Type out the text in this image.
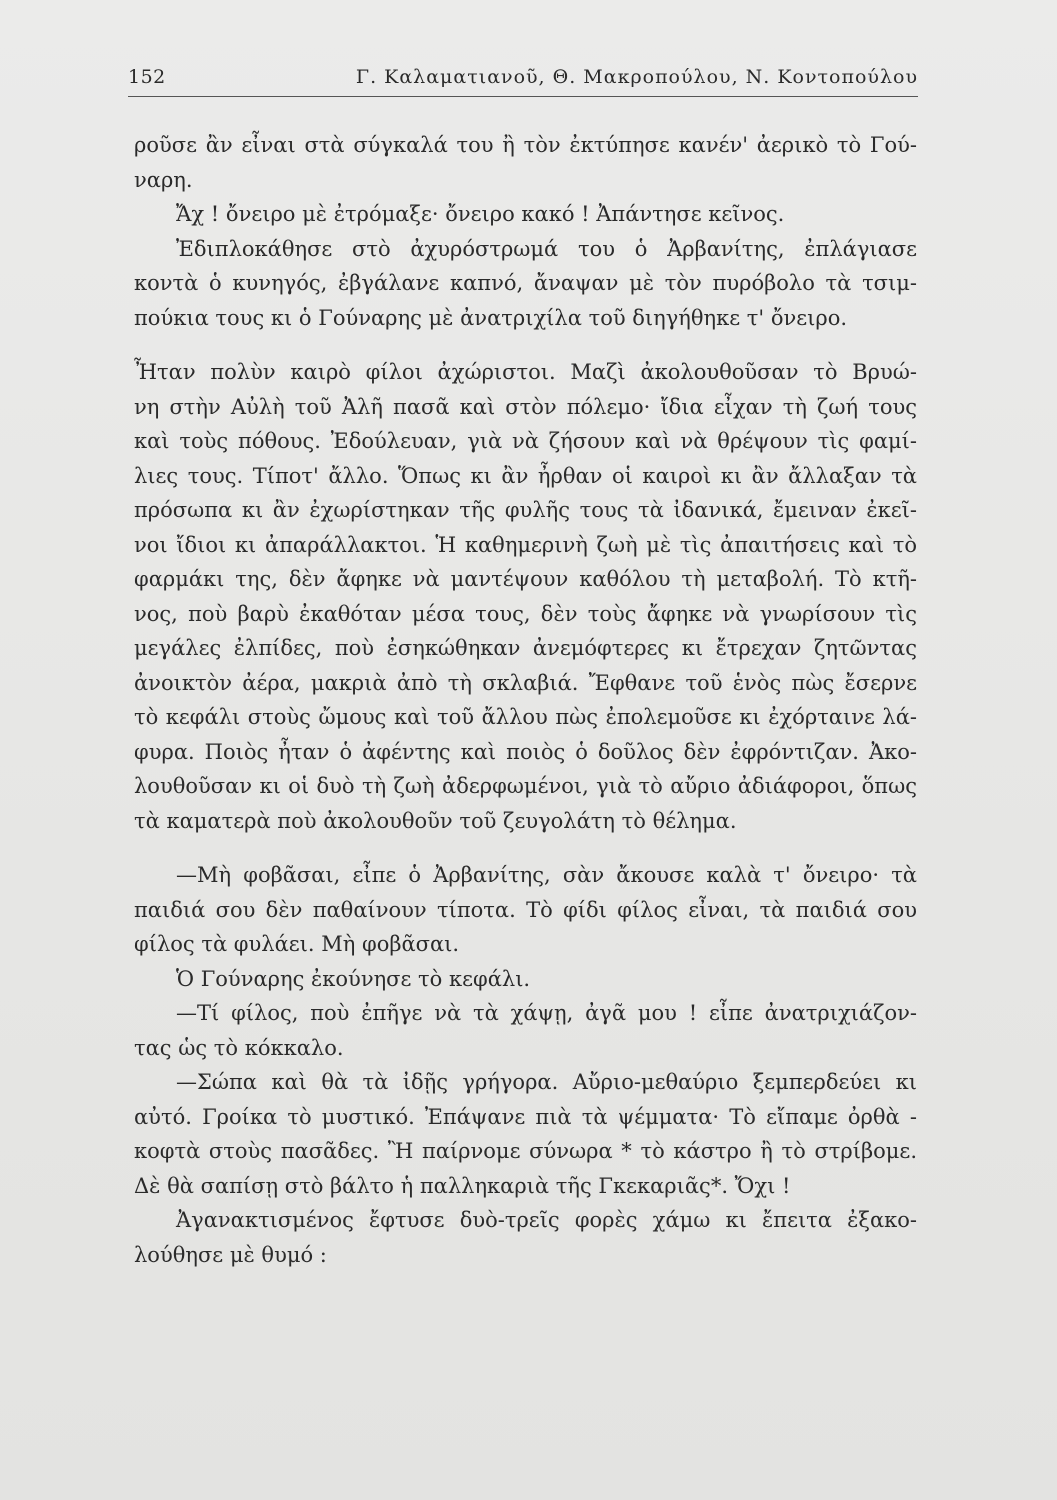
152	Γ. Καλαματιανοῦ, Θ. Μακροπούλου, Ν. Κοντοπούλου
ροῦσε ἂν εἶναι στὰ σύγκαλά του ἢ τὸν ἐκτύπησε κανέν' ἀερικὸ τὸ Γού-
ναρη.
Ἄχ ! ὄνειρο μὲ ἐτρόμαξε· ὄνειρο κακό ! Ἀπάντησε κεῖνος.
Ἐδιπλοκάθησε στὸ ἀχυρόστρωμά του ὁ Ἀρβανίτης, ἐπλάγιασε
κοντὰ ὁ κυνηγός, ἐβγάλανε καπνό, ἄναψαν μὲ τὸν πυρόβολο τὰ τσιμ-
πούκια τους κι ὁ Γούναρης μὲ ἀνατριχίλα τοῦ διηγήθηκε τ' ὄνειρο.
Ἦταν πολὺν καιρὸ φίλοι ἀχώριστοι. Μαζὶ ἀκολουθοῦσαν τὸ Βρυώ-
νη στὴν Αὐλὴ τοῦ Ἀλῆ πασᾶ καὶ στὸν πόλεμο· ἴδια εἶχαν τὴ ζωή τους
καὶ τοὺς πόθους. Ἐδούλευαν, γιὰ νὰ ζήσουν καὶ νὰ θρέψουν τὶς φαμί-
λιες τους. Τίποτ' ἄλλο. Ὅπως κι ἂν ἦρθαν οἱ καιροὶ κι ἂν ἄλλαξαν τὰ
πρόσωπα κι ἂν ἐχωρίστηκαν τῆς φυλῆς τους τὰ ἰδανικά, ἔμειναν ἐκεῖ-
νοι ἴδιοι κι ἀπαράλλακτοι. Ἡ καθημερινὴ ζωὴ μὲ τὶς ἀπαιτήσεις καὶ τὸ
φαρμάκι της, δὲν ἄφηκε νὰ μαντέψουν καθόλου τὴ μεταβολή. Τὸ κτῆ-
νος, ποὺ βαρὺ ἐκαθόταν μέσα τους, δὲν τοὺς ἄφηκε νὰ γνωρίσουν τὶς
μεγάλες ἐλπίδες, ποὺ ἐσηκώθηκαν ἀνεμόφτερες κι ἔτρεχαν ζητῶντας
ἀνοικτὸν ἀέρα, μακριὰ ἀπὸ τὴ σκλαβιά. Ἔφθανε τοῦ ἑνὸς πὼς ἔσερνε
τὸ κεφάλι στοὺς ὤμους καὶ τοῦ ἄλλου πὼς ἐπολεμοῦσε κι ἐχόρταινε λά-
φυρα. Ποιὸς ἦταν ὁ ἀφέντης καὶ ποιὸς ὁ δοῦλος δὲν ἐφρόντιζαν. Ἀκο-
λουθοῦσαν κι οἱ δυὸ τὴ ζωὴ ἀδερφωμένοι, γιὰ τὸ αὔριο ἀδιάφοροι, ὅπως
τὰ καματερὰ ποὺ ἀκολουθοῦν τοῦ ζευγολάτη τὸ θέλημα.
—Μὴ φοβᾶσαι, εἶπε ὁ Ἀρβανίτης, σὰν ἄκουσε καλὰ τ' ὄνειρο· τὰ
παιδιά σου δὲν παθαίνουν τίποτα. Τὸ φίδι φίλος εἶναι, τὰ παιδιά σου
φίλος τὰ φυλάει. Μὴ φοβᾶσαι.
Ὁ Γούναρης ἐκούνησε τὸ κεφάλι.
—Τί φίλος, ποὺ ἐπῆγε νὰ τὰ χάψῃ, ἀγᾶ μου ! εἶπε ἀνατριχιάζον-
τας ὡς τὸ κόκκαλο.
—Σώπα καὶ θὰ τὰ ἰδῇς γρήγορα. Αὔριο-μεθαύριο ξεμπερδεύει κι
αὐτό. Γροίκα τὸ μυστικό. Ἐπάψανε πιὰ τὰ ψέμματα· Τὸ εἴπαμε ὀρθὰ -
κοφτὰ στοὺς πασᾶδες. Ἢ παίρνομε σύνωρα * τὸ κάστρο ἢ τὸ στρίβομε.
Δὲ θὰ σαπίσῃ στὸ βάλτο ἡ παλληκαριὰ τῆς Γκεκαριᾶς*. Ὄχι !
Ἀγανακτισμένος ἔφτυσε δυὸ-τρεῖς φορὲς χάμω κι ἔπειτα ἐξακο-
λούθησε μὲ θυμό :
